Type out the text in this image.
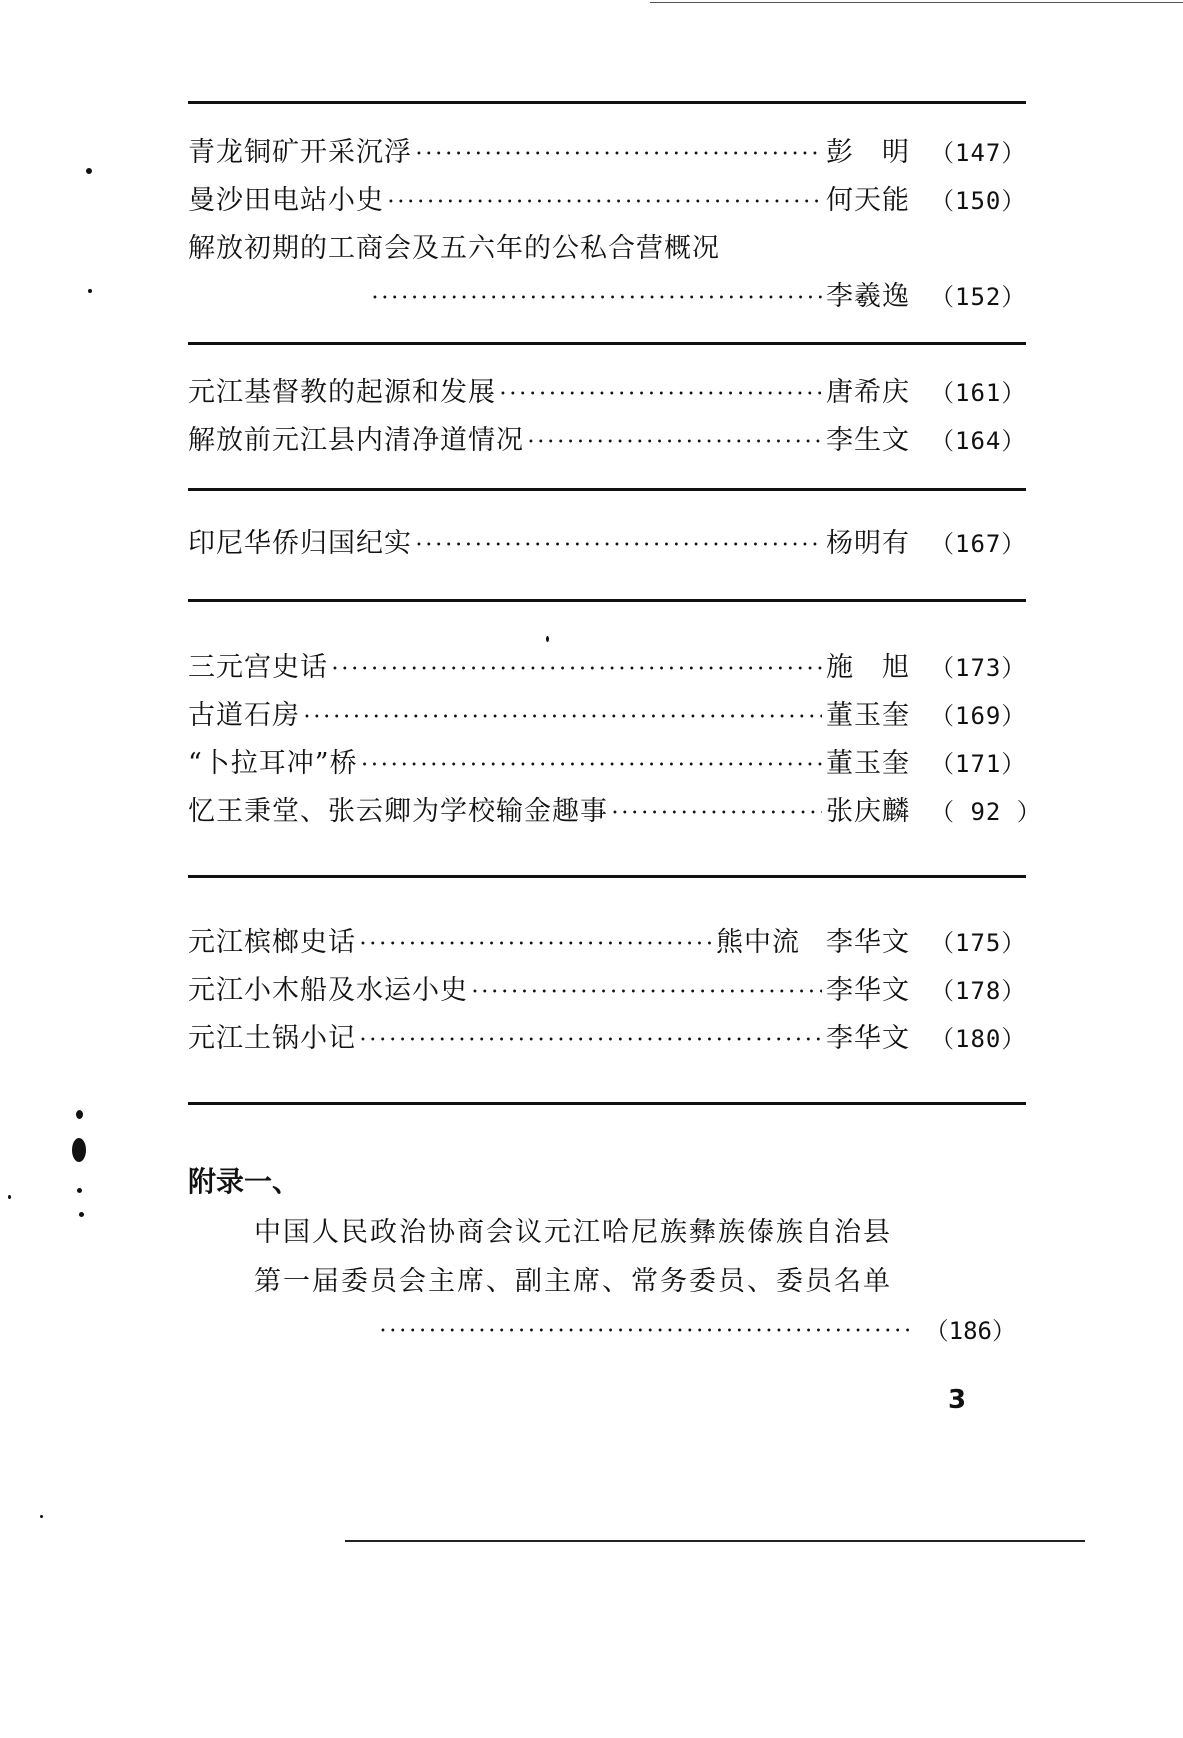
青龙铜矿开采沉浮 •••••	彭　明 （147）
曼沙田电站小史 •••••	何天能 （150）
解放初期的工商会及五六年的公私合营概况
•••••
李羲逸 （152）
元江基督教的起源和发展 •••••	唐希庆 （161）
解放前元江县内清净道情况 •••••	李生文 （164）
印尼华侨归国纪实 •••••	杨明有 （167）
三元宫史话 •••••	施　旭 （173）
古道石房 •••••	董玉奎 （169）
“卜拉耳冲”桥 •••••	董玉奎 （171）
忆王秉堂、张云卿为学校输金趣事 •••••	张庆麟 （ 92 ）
元江槟榔史话 •••••	熊中流 李华文 （175）
元江小木船及水运小史 •••••	李华文 （178）
元江土锅小记 •••••	李华文 （180）
附录一、
中国人民政治协商会议元江哈尼族彝族傣族自治县
第一届委员会主席、副主席、常务委员、委员名单
•••••
（186）
3
